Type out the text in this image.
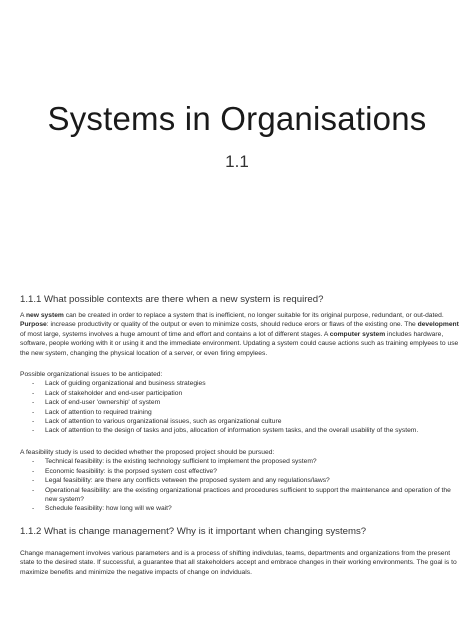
Systems in Organisations
1.1
1.1.1 What possible contexts are there when a new system is required?

A new system can be created in order to replace a system that is inefficient, no longer suitable for its original purpose, redundant, or out-dated. Purpose: increase productivity or quality of the output or even to minimize costs, should reduce erors or flaws of the existing one. The development of most large, systems involves a huge amount of time and effort and contains a lot of different stages. A computer system includes hardware, software, people working with it or using it and the immediate environment. Updating a system could cause actions such as training emplyees to use the new system, changing the physical location of a server, or even firing empylees.

Possible organizational issues to be anticipated:
- Lack of guiding organizational and business strategies
- Lack of stakeholder and end-user participation
- Lack of end-user 'ownership' of system
- Lack of attention to required training
- Lack of attention to various organizational issues, such as organizational culture
- Lack of attention to the design of tasks and jobs, allocation of information system tasks, and the overall usability of the system.
A feasibility study is used to decided whether the proposed project should be pursued:
- Technical feasibility: is the existing technology sufficient to implement the proposed system?
- Economic feasibility: is the porpsed system cost effective?
- Legal feasibility: are there any conflicts vetween the proposed system and any regulations/laws?
- Operational feasibility: are the existing organizational practices and procedures sufficient to support the maintenance and operation of the new system?
- Schedule feasibility: how long will we wait?
1.1.2 What is change management? Why is it important when changing systems?

Change management involves various parameters and is a process of shifting indivdulas, teams, departments and organizations from the present state to the desired state. If successful, a guarantee that all stakeholders accept and embrace changes in their working environments. The goal is to maximize benefits and minimize the negative impacts of change on indviduals.
